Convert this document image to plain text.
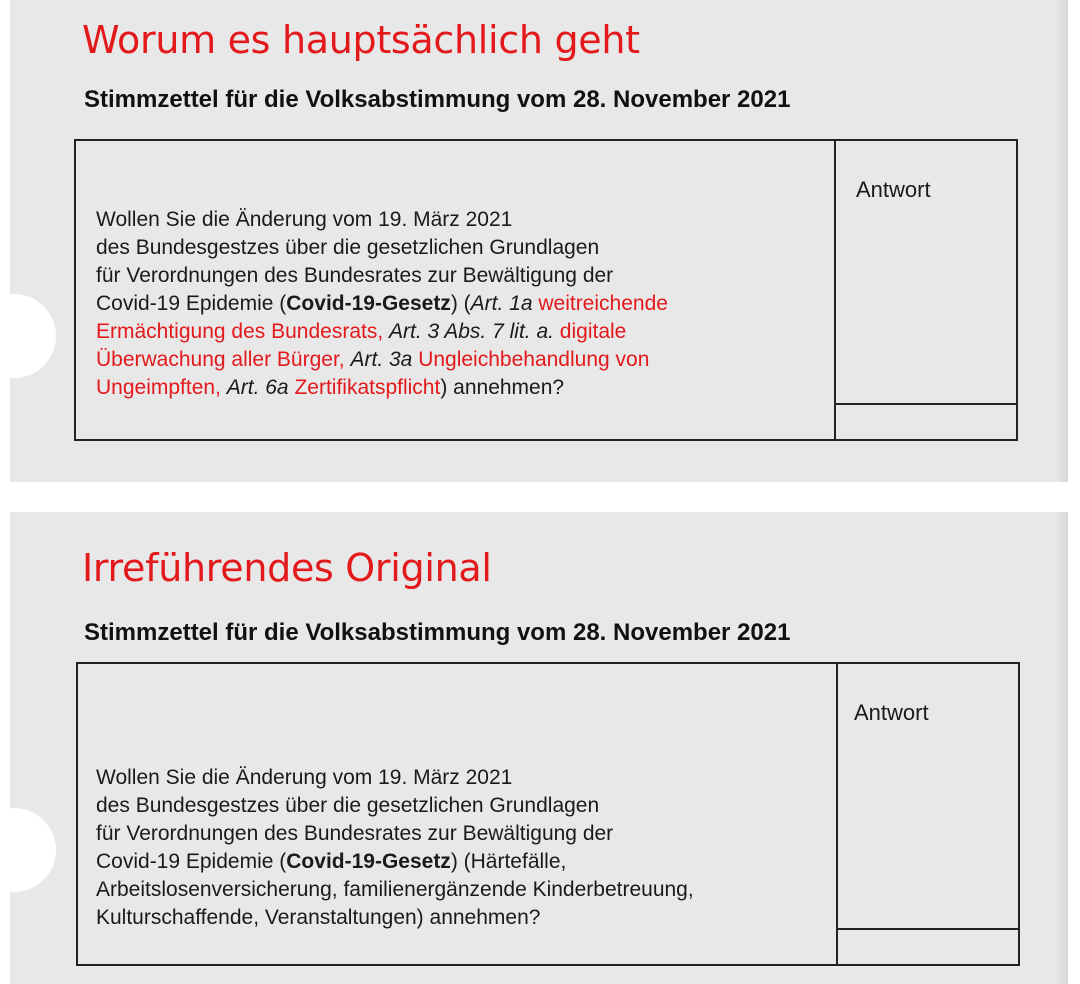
Worum es hauptsächlich geht
Stimmzettel für die Volksabstimmung vom 28. November 2021

Wollen Sie die Änderung vom 19. März 2021
des Bundesgestzes über die gesetzlichen Grundlagen
für Verordnungen des Bundesrates zur Bewältigung der
Covid-19 Epidemie (Covid-19-Gesetz) (Art. 1a weitreichende
Ermächtigung des Bundesrats, Art. 3 Abs. 7 lit. a. digitale
Überwachung aller Bürger, Art. 3a Ungleichbehandlung von
Ungeimpften, Art. 6a Zertifikatspflicht) annehmen?

Antwort
Irreführendes Original
Stimmzettel für die Volksabstimmung vom 28. November 2021

Wollen Sie die Änderung vom 19. März 2021
des Bundesgestzes über die gesetzlichen Grundlagen
für Verordnungen des Bundesrates zur Bewältigung der
Covid-19 Epidemie (Covid-19-Gesetz) (Härtefälle,
Arbeitslosenversicherung, familienergänzende Kinderbetreuung,
Kulturschaffende, Veranstaltungen) annehmen?

Antwort
